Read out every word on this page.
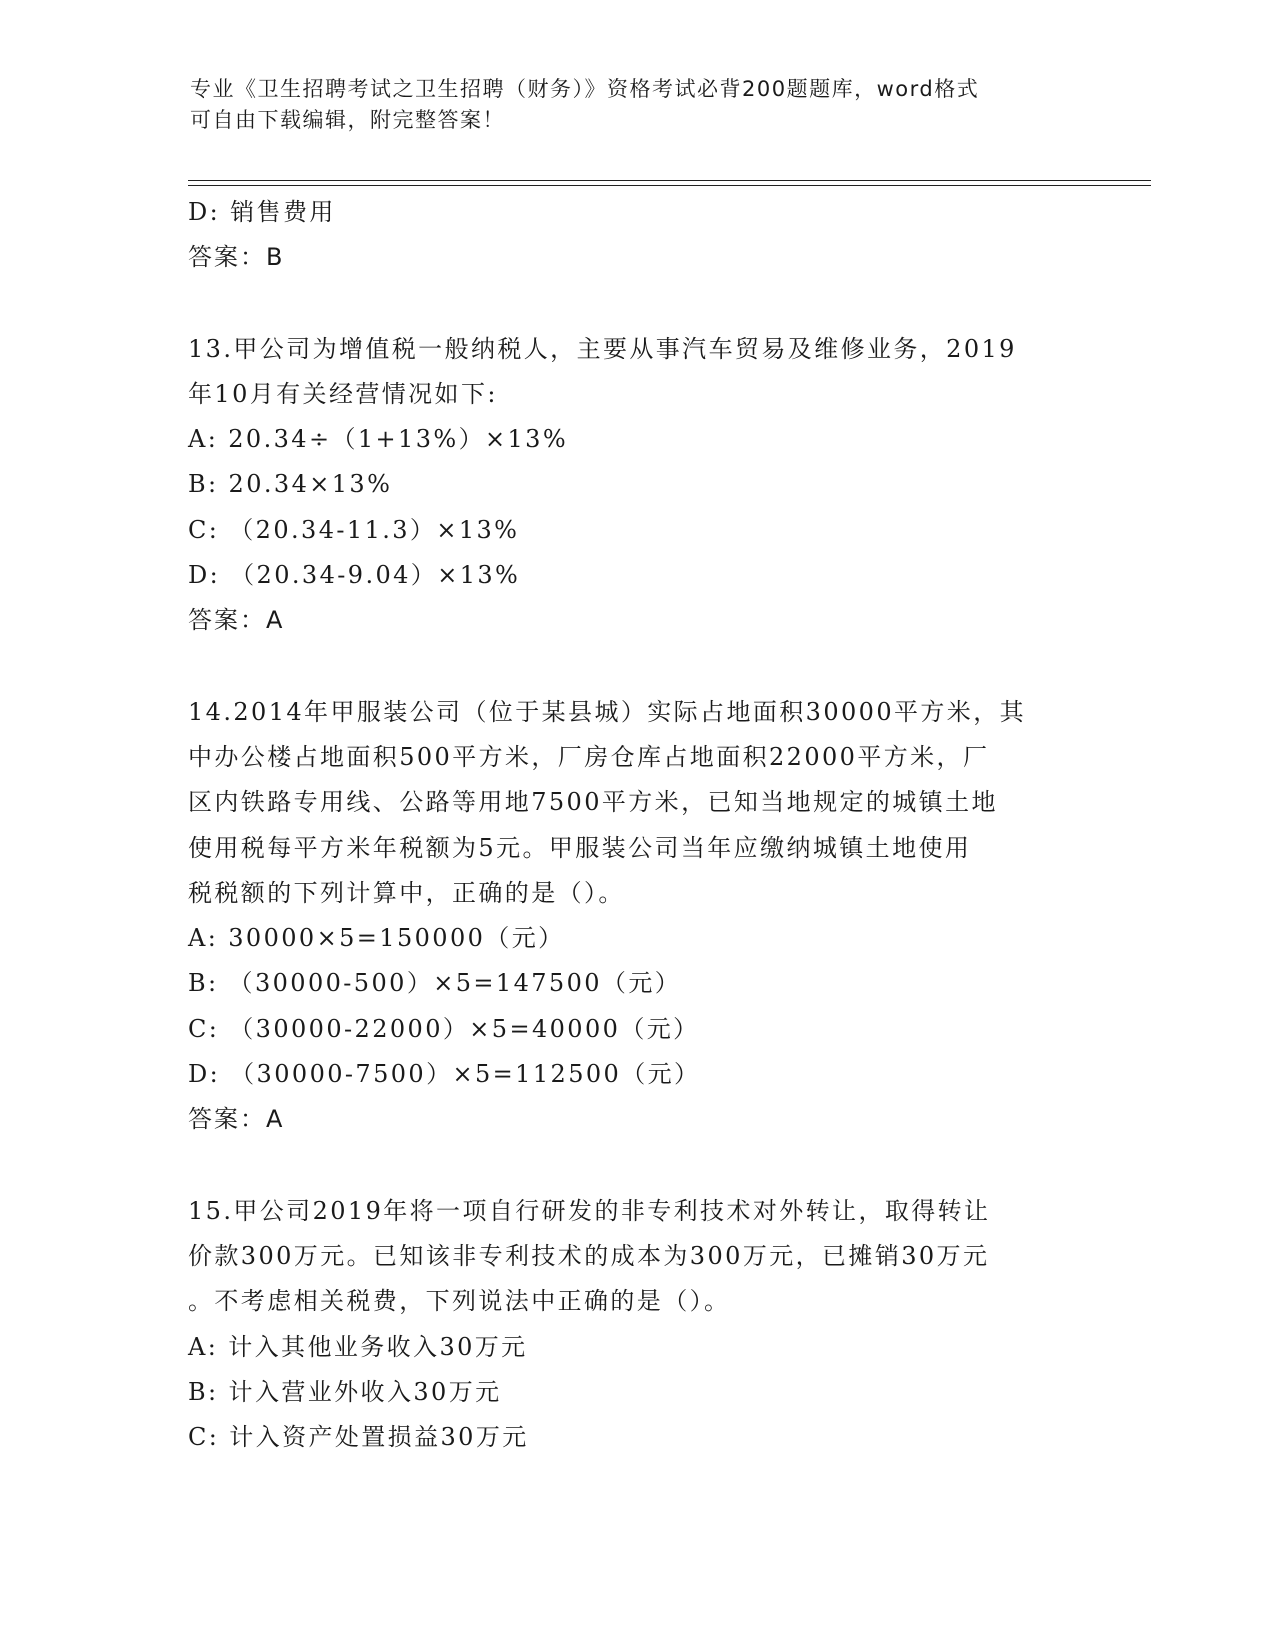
专业《卫生招聘考试之卫生招聘（财务）》资格考试必背200题题库，word格式
可自由下载编辑，附完整答案！
D: 销售费用
答案：B
13.甲公司为增值税一般纳税人，主要从事汽车贸易及维修业务，2019
年10月有关经营情况如下:
A: 20.34÷（1+13%）×13%
B: 20.34×13%
C: （20.34-11.3）×13%
D: （20.34-9.04）×13%
答案：A
14.2014年甲服装公司（位于某县城）实际占地面积30000平方米，其
中办公楼占地面积500平方米，厂房仓库占地面积22000平方米，厂
区内铁路专用线、公路等用地7500平方米，已知当地规定的城镇土地
使用税每平方米年税额为5元。甲服装公司当年应缴纳城镇土地使用
税税额的下列计算中，正确的是（）。
A: 30000×5=150000（元）
B: （30000-500）×5=147500（元）
C: （30000-22000）×5=40000（元）
D: （30000-7500）×5=112500（元）
答案：A
15.甲公司2019年将一项自行研发的非专利技术对外转让，取得转让
价款300万元。已知该非专利技术的成本为300万元，已摊销30万元
。不考虑相关税费，下列说法中正确的是（）。
A: 计入其他业务收入30万元
B: 计入营业外收入30万元
C: 计入资产处置损益30万元
